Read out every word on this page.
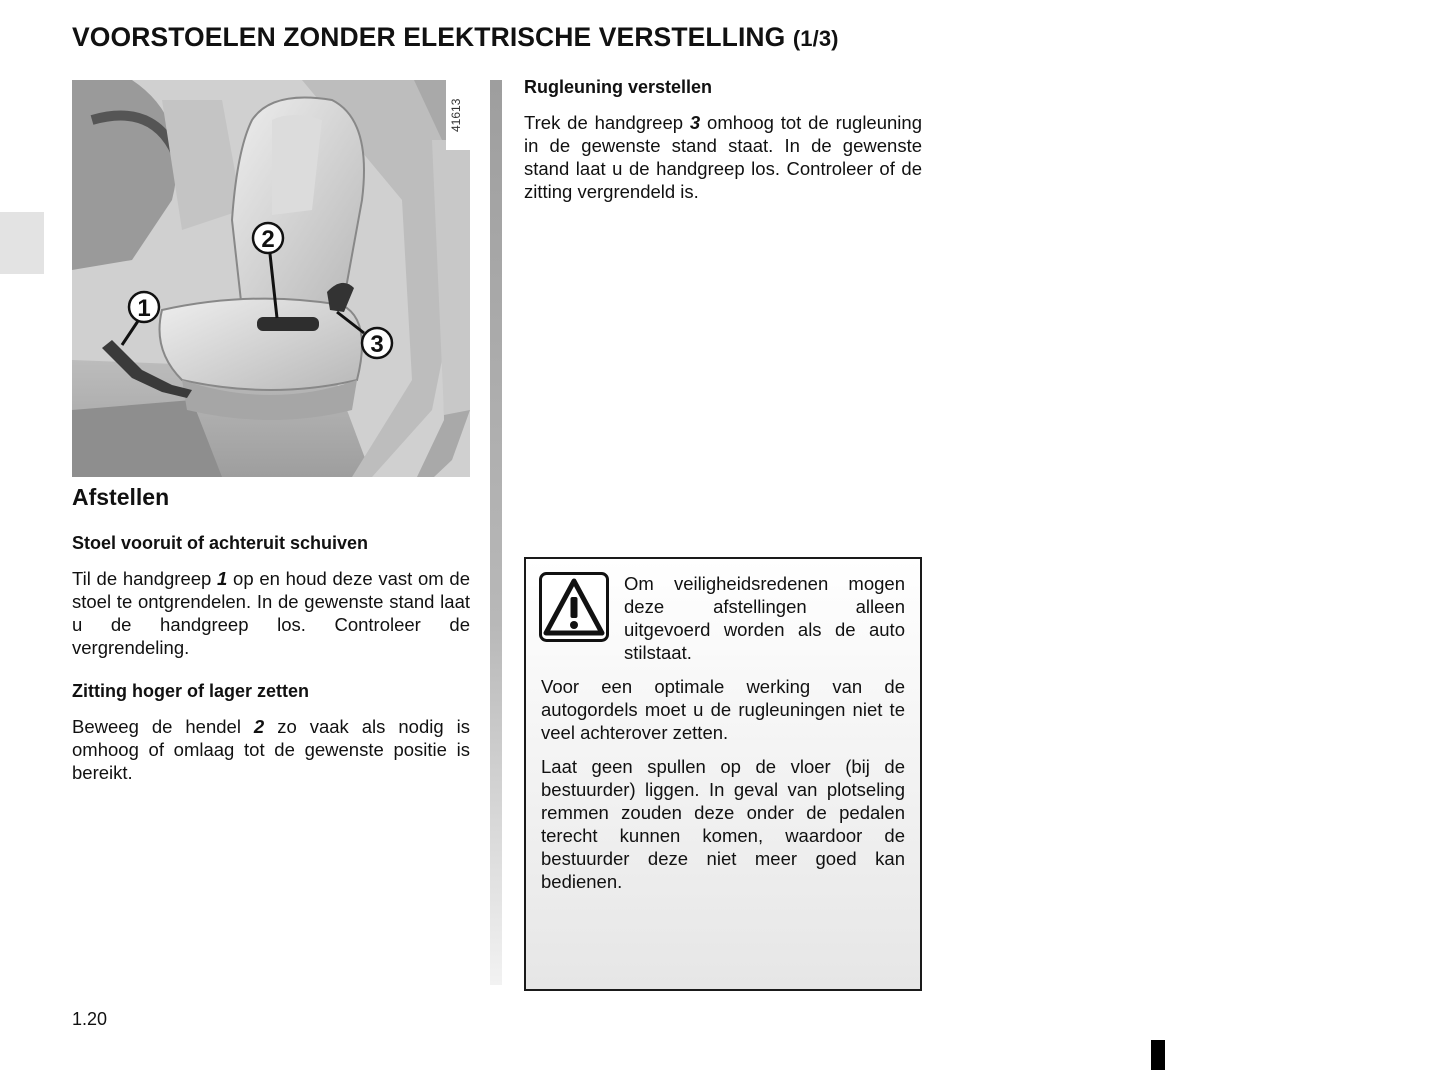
VOORSTOELEN ZONDER ELEKTRISCHE VERSTELLING (1/3)
41613
1
2
3
Afstellen
Stoel vooruit of achteruit schuiven
Til de handgreep 1 op en houd deze vast om de stoel te ontgrendelen. In de gewenste stand laat u de handgreep los. Controleer de vergrendeling.
Zitting hoger of lager zetten
Beweeg de hendel 2 zo vaak als nodig is omhoog of omlaag tot de gewenste positie is bereikt.
Rugleuning verstellen
Trek de handgreep 3 omhoog tot de rugleuning in de gewenste stand staat. In de gewenste stand laat u de handgreep los. Controleer of de zitting vergrendeld is.
Om veiligheidsredenen mogen deze afstellingen alleen uitgevoerd worden als de auto stilstaat.
Voor een optimale werking van de autogordels moet u de rugleuningen niet te veel achterover zetten.
Laat geen spullen op de vloer (bij de bestuurder) liggen. In geval van plotseling remmen zouden deze onder de pedalen terecht kunnen komen, waardoor de bestuurder deze niet meer goed kan bedienen.
1.20
